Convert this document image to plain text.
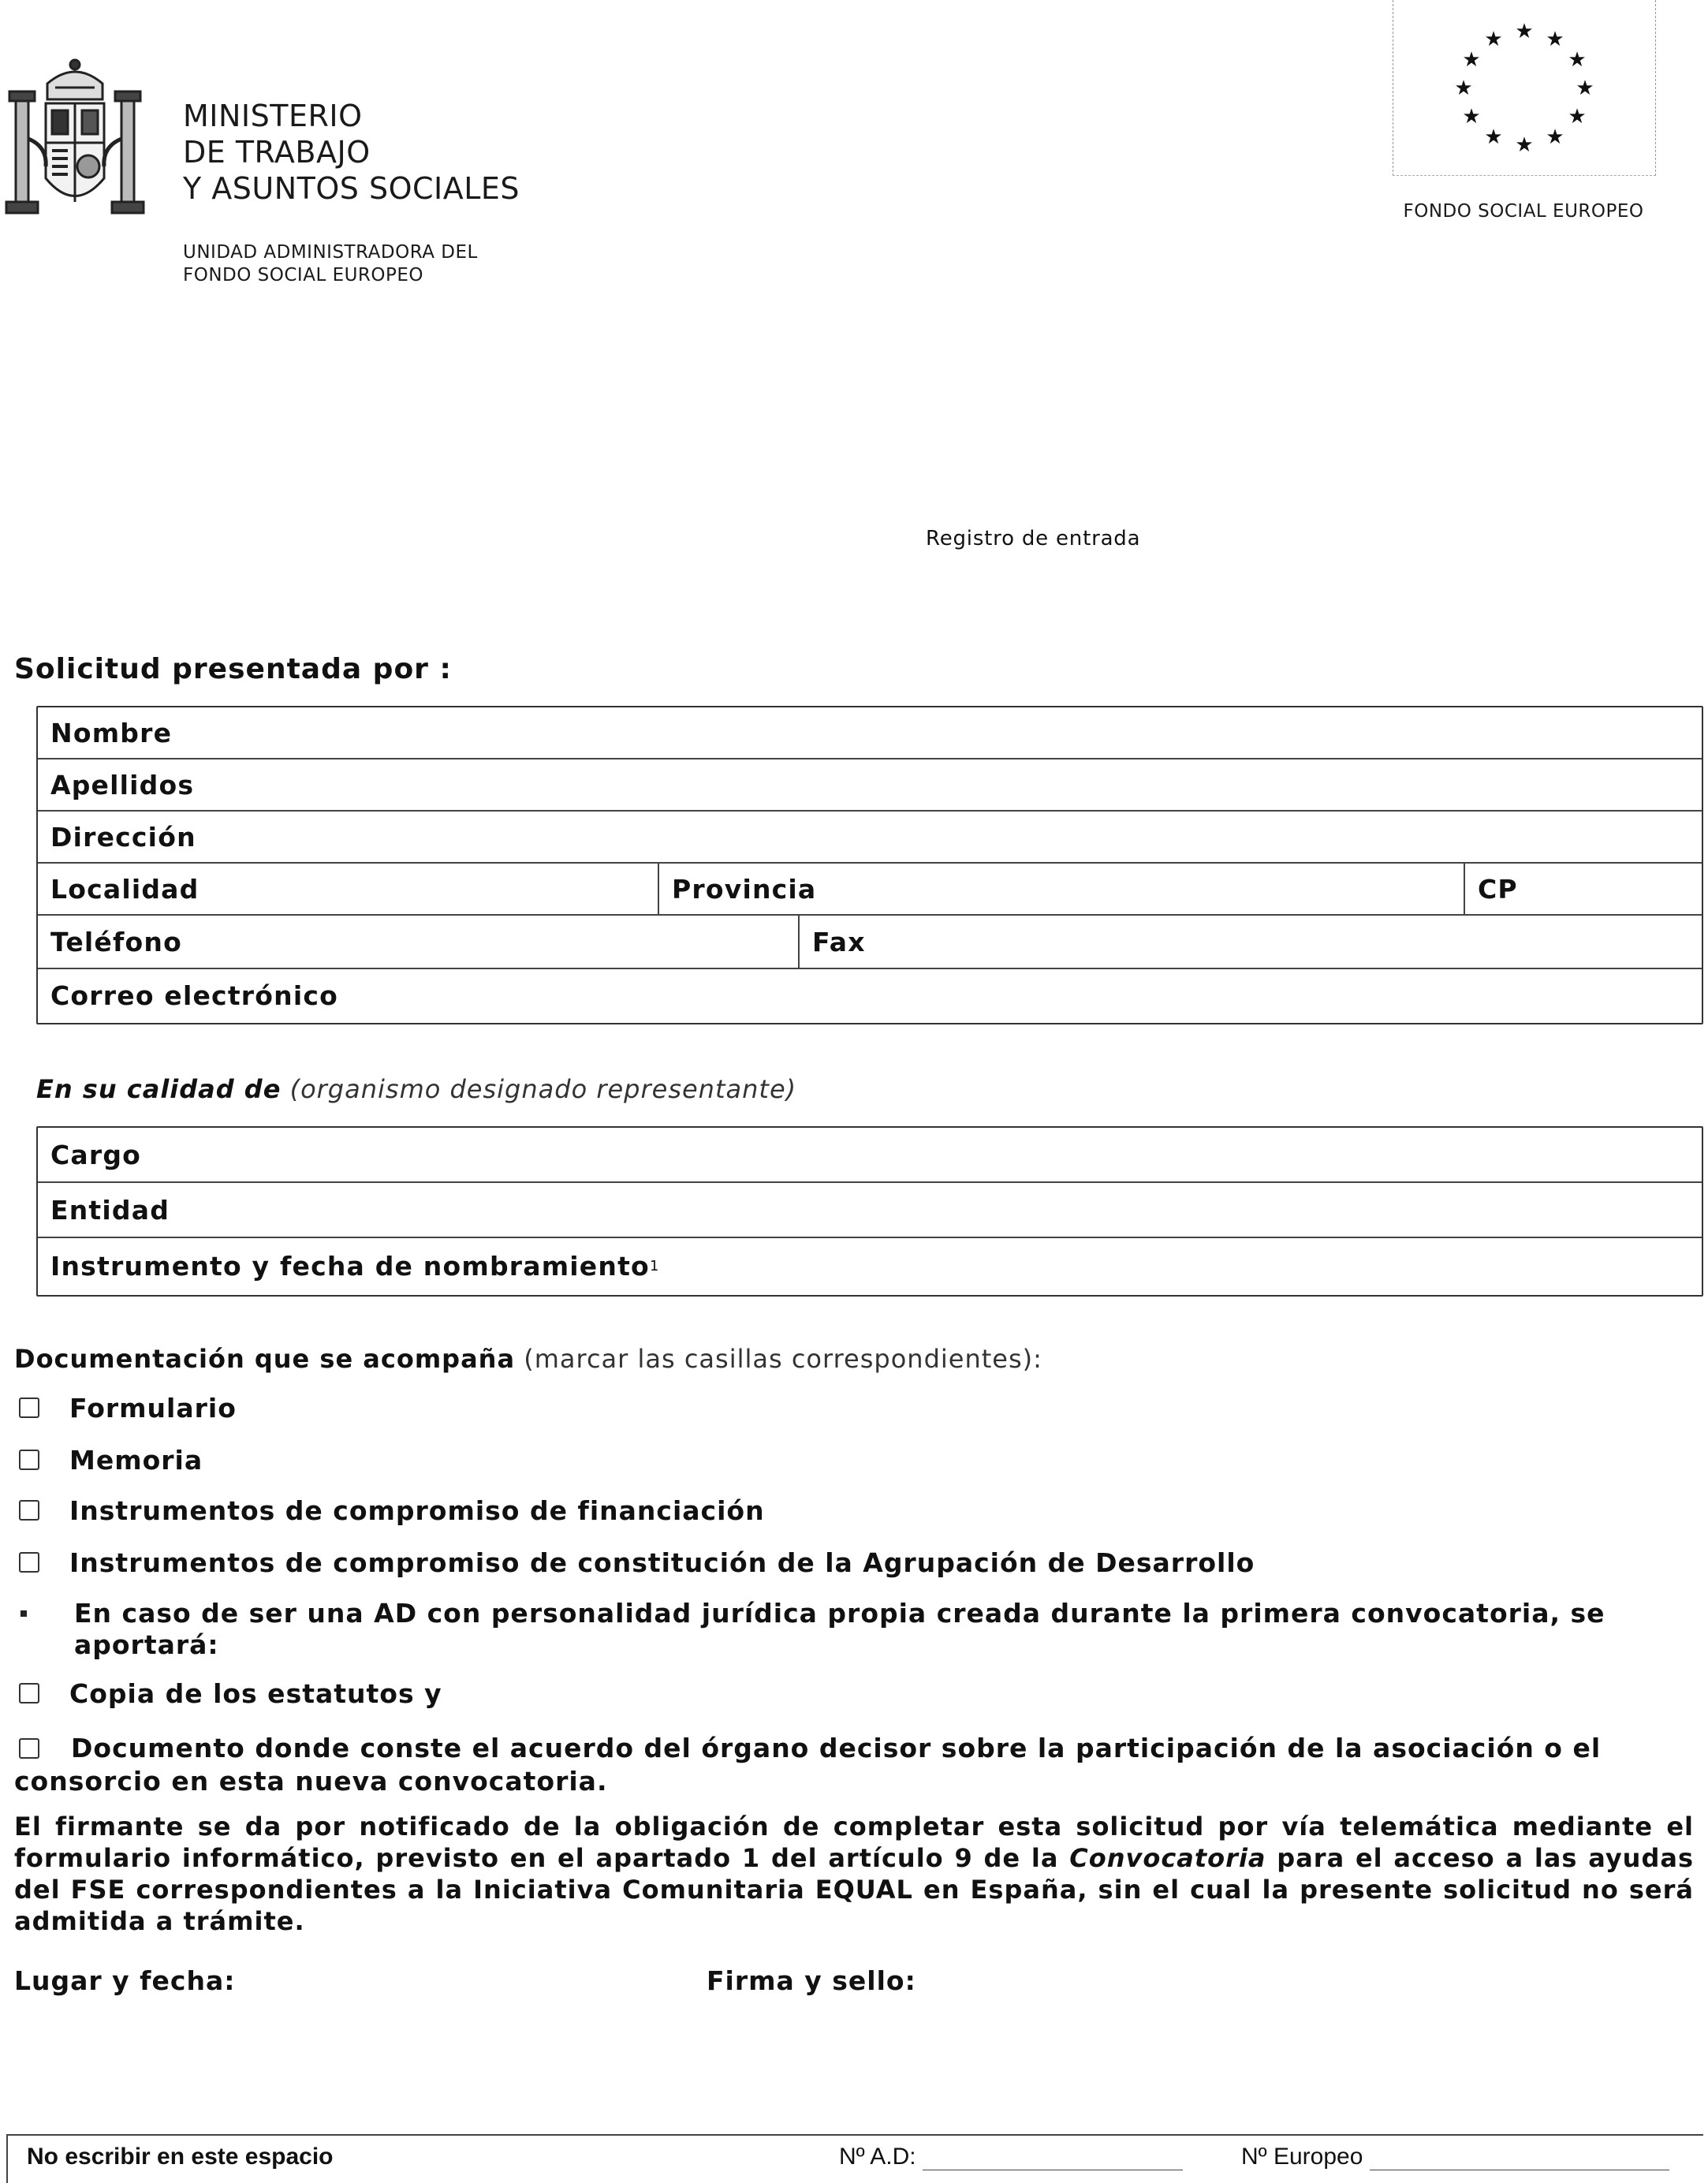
MINISTERIO
DE TRABAJO
Y ASUNTOS SOCIALES
UNIDAD ADMINISTRADORA DEL
FONDO SOCIAL EUROPEO
★ ★
★
★
★
★
★
★
★
★
★
★
FONDO SOCIAL EUROPEO
Registro de entrada
Solicitud presentada por :
Nombre
Apellidos
Dirección
Localidad	Provincia	CP
Teléfono	Fax
Correo electrónico
En su calidad de (organismo designado representante)
Cargo
Entidad
Instrumento y fecha de nombramiento 1
Documentación que se acompaña (marcar las casillas correspondientes):
Formulario
Memoria
Instrumentos de compromiso de financiación
Instrumentos de compromiso de constitución de la Agrupación de Desarrollo
En caso de ser una AD con personalidad jurídica propia creada durante la primera convocatoria, se
aportará:
Copia de los estatutos y
Documento donde conste el acuerdo del órgano decisor sobre la participación de la asociación o el
consorcio en esta nueva convocatoria.
El firmante se da por notificado de la obligación de completar esta solicitud por vía telemática mediante el formulario informático, previsto en el apartado 1 del artículo 9 de la Convocatoria para el acceso a las ayudas del FSE correspondientes a la Iniciativa Comunitaria EQUAL en España, sin el cual la presente solicitud no será admitida a trámite.
Lugar y fecha:	Firma y sello:
No escribir en este espacio	Nº A.D:	Nº Europeo
